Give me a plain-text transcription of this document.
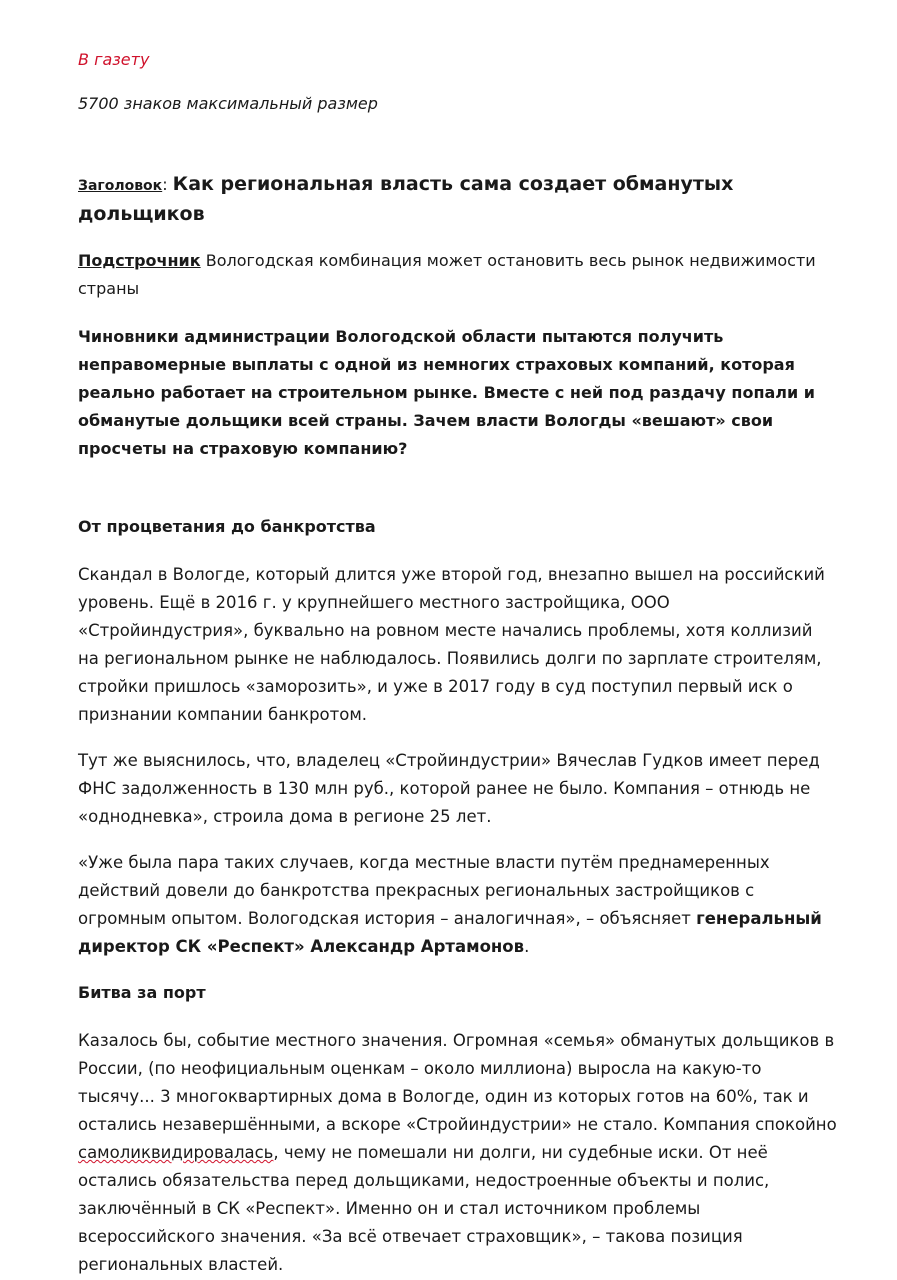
В газету

5700 знаков максимальный размер

Заголовок: Как региональная власть сама создает обманутых дольщиков

Подстрочник Вологодская комбинация может остановить весь рынок недвижимости страны

Чиновники администрации Вологодской области пытаются получить неправомерные выплаты с одной из немногих страховых компаний, которая реально работает на строительном рынке. Вместе с ней под раздачу попали и обманутые дольщики всей страны. Зачем власти Вологды «вешают» свои просчеты на страховую компанию?

От процветания до банкротства

Скандал в Вологде, который длится уже второй год, внезапно вышел на российский уровень. Ещё в 2016 г. у крупнейшего местного застройщика, ООО «Стройиндустрия», буквально на ровном месте начались проблемы, хотя коллизий на региональном рынке не наблюдалось. Появились долги по зарплате строителям, стройки пришлось «заморозить», и уже в 2017 году в суд поступил первый иск о признании компании банкротом.

Тут же выяснилось, что, владелец «Стройиндустрии» Вячеслав Гудков имеет перед ФНС задолженность в 130 млн руб., которой ранее не было. Компания – отнюдь не «однодневка», строила дома в регионе 25 лет.

«Уже была пара таких случаев, когда местные власти путём преднамеренных действий довели до банкротства прекрасных региональных застройщиков с огромным опытом. Вологодская история – аналогичная», – объясняет генеральный директор СК «Респект» Александр Артамонов.

Битва за порт

Казалось бы, событие местного значения. Огромная «семья» обманутых дольщиков в России, (по неофициальным оценкам – около миллиона) выросла на какую-то тысячу... 3 многоквартирных дома в Вологде, один из которых готов на 60%, так и остались незавершёнными, а вскоре «Стройиндустрии» не стало. Компания спокойно самоликвидировалась, чему не помешали ни долги, ни судебные иски. От неё остались обязательства перед дольщиками, недостроенные объекты и полис, заключённый в СК «Респект». Именно он и стал источником проблемы всероссийского значения. «За всё отвечает страховщик», – такова позиция региональных властей.
